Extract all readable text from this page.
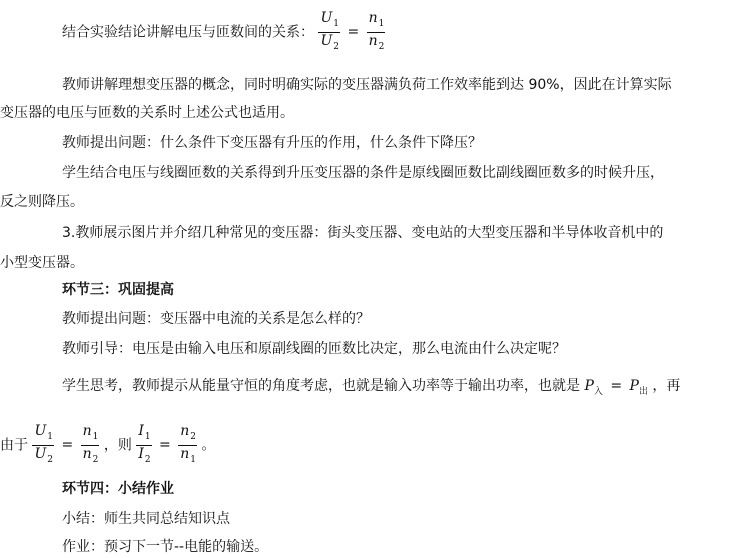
结合实验结论讲解电压与匝数间的关系： $\frac{U_1}{U_2} = \frac{n_1}{n_2}$
教师讲解理想变压器的概念，同时明确实际的变压器满负荷工作效率能到达 90%，因此在计算实际
变压器的电压与匝数的关系时上述公式也适用。
教师提出问题：什么条件下变压器有升压的作用，什么条件下降压？
学生结合电压与线圈匝数的关系得到升压变压器的条件是原线圈匝数比副线圈匝数多的时候升压，
反之则降压。
3.教师展示图片并介绍几种常见的变压器：街头变压器、变电站的大型变压器和半导体收音机中的
小型变压器。
环节三：巩固提高
教师提出问题：变压器中电流的关系是怎么样的？
教师引导：电压是由输入电压和原副线圈的匝数比决定，那么电流由什么决定呢？
学生思考，教师提示从能量守恒的角度考虑，也就是输入功率等于输出功率，也就是 $P_入 = P_出$ ，再
由于 $\frac{U_1}{U_2} = \frac{n_1}{n_2}$ ，则 $\frac{I_1}{I_2} = \frac{n_2}{n_1}$ 。
环节四：小结作业
小结：师生共同总结知识点
作业：预习下一节--电能的输送。
